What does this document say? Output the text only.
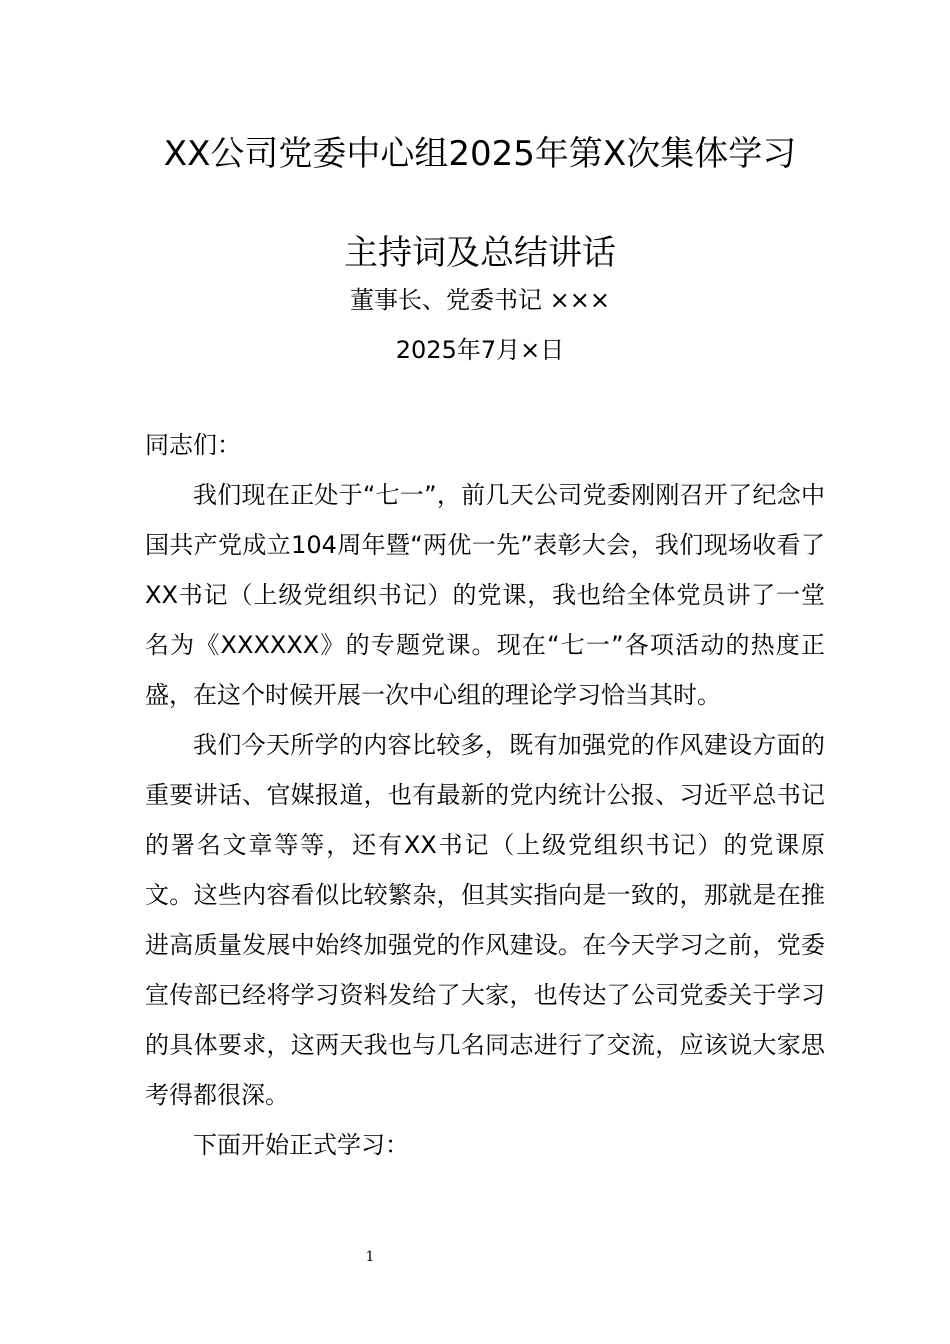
XX公司党委中心组2025年第X次集体学习
主持词及总结讲话

董事长、党委书记 ×××

2025年7月×日

同志们：

我们现在正处于“七一”，前几天公司党委刚刚召开了纪念中国共产党成立104周年暨“两优一先”表彰大会，我们现场收看了XX书记（上级党组织书记）的党课，我也给全体党员讲了一堂名为《XXXXXX》的专题党课。现在“七一”各项活动的热度正盛，在这个时候开展一次中心组的理论学习恰当其时。

我们今天所学的内容比较多，既有加强党的作风建设方面的重要讲话、官媒报道，也有最新的党内统计公报、习近平总书记的署名文章等等，还有XX书记（上级党组织书记）的党课原文。这些内容看似比较繁杂，但其实指向是一致的，那就是在推进高质量发展中始终加强党的作风建设。在今天学习之前，党委宣传部已经将学习资料发给了大家，也传达了公司党委关于学习的具体要求，这两天我也与几名同志进行了交流，应该说大家思考得都很深。

下面开始正式学习：

1
